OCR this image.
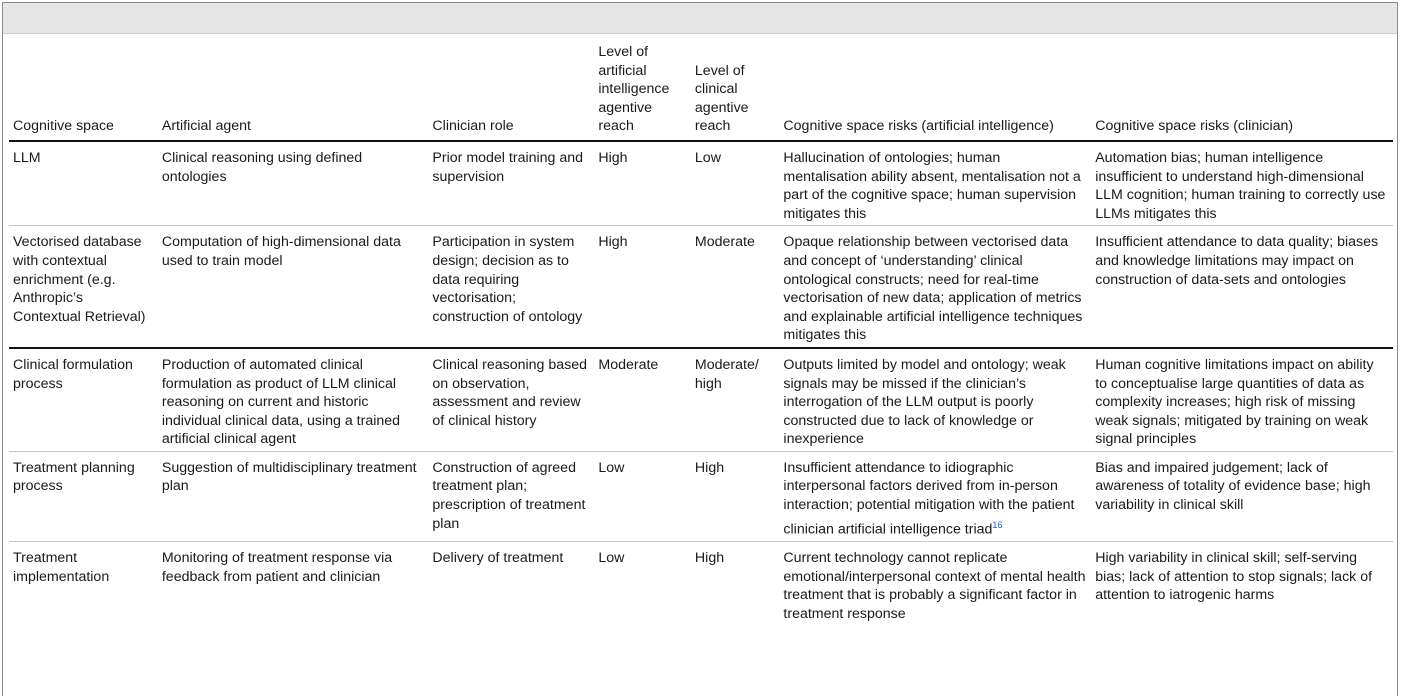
Cognitive space	Artificial agent	Clinician role	Level of artificial intelligence agentive reach	Level of clinical agentive reach	Cognitive space risks (artificial intelligence)	Cognitive space risks (clinician)
LLM	Clinical reasoning using defined ontologies	Prior model training and supervision	High	Low	Hallucination of ontologies; human mentalisation ability absent, mentalisation not a part of the cognitive space; human supervision mitigates this	Automation bias; human intelligence insufficient to understand high-dimensional LLM cognition; human training to correctly use LLMs mitigates this
Vectorised database with contextual enrichment (e.g. Anthropic’s Contextual Retrieval)	Computation of high-dimensional data used to train model	Participation in system design; decision as to data requiring vectorisation; construction of ontology	High	Moderate	Opaque relationship between vectorised data and concept of ‘understanding’ clinical ontological constructs; need for real-time vectorisation of new data; application of metrics and explainable artificial intelligence techniques mitigates this	Insufficient attendance to data quality; biases and knowledge limitations may impact on construction of data-sets and ontologies
Clinical formulation process	Production of automated clinical formulation as product of LLM clinical reasoning on current and historic individual clinical data, using a trained artificial clinical agent	Clinical reasoning based on observation, assessment and review of clinical history	Moderate	Moderate/ high	Outputs limited by model and ontology; weak signals may be missed if the clinician’s interrogation of the LLM output is poorly constructed due to lack of knowledge or inexperience	Human cognitive limitations impact on ability to conceptualise large quantities of data as complexity increases; high risk of missing weak signals; mitigated by training on weak signal principles
Treatment planning process	Suggestion of multidisciplinary treatment plan	Construction of agreed treatment plan; prescription of treatment plan	Low	High	Insufficient attendance to idiographic interpersonal factors derived from in-person interaction; potential mitigation with the patient clinician artificial intelligence triad$^{16}$	Bias and impaired judgement; lack of awareness of totality of evidence base; high variability in clinical skill
Treatment implementation	Monitoring of treatment response via feedback from patient and clinician	Delivery of treatment	Low	High	Current technology cannot replicate emotional/interpersonal context of mental health treatment that is probably a significant factor in treatment response	High variability in clinical skill; self-serving bias; lack of attention to stop signals; lack of attention to iatrogenic harms
